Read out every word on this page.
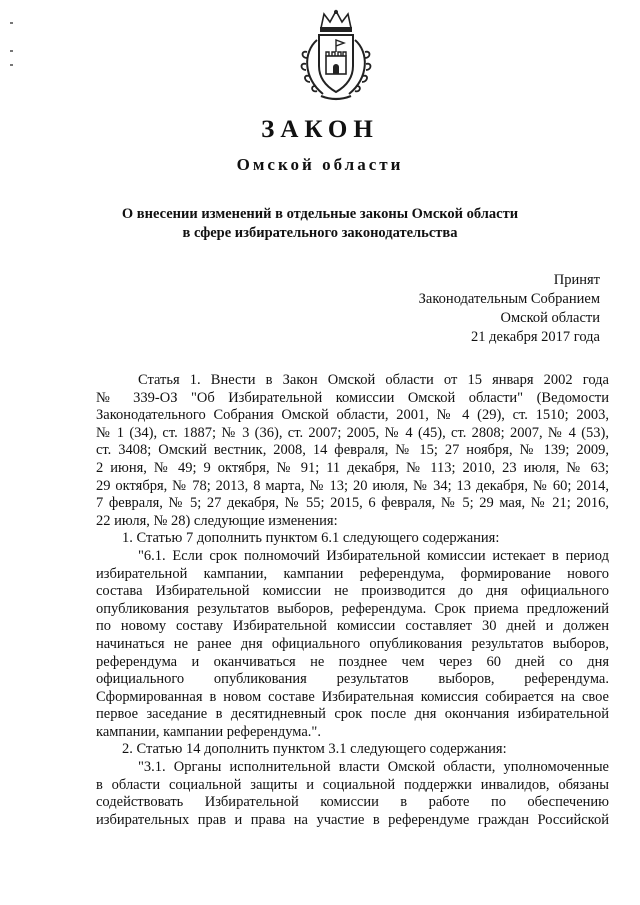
ЗАКОН
Омской области
О внесении изменений в отдельные законы Омской области
в сфере избирательного законодательства
Принят
Законодательным Собранием
Омской области
21 декабря 2017 года
Статья 1. Внести в Закон Омской области от 15 января 2002 года
№ 339-ОЗ "Об Избирательной комиссии Омской области" (Ведомости
Законодательного Собрания Омской области, 2001, № 4 (29), ст. 1510; 2003,
№ 1 (34), ст. 1887; № 3 (36), ст. 2007; 2005, № 4 (45), ст. 2808; 2007, № 4 (53),
ст. 3408; Омский вестник, 2008, 14 февраля, № 15; 27 ноября, № 139; 2009,
2 июня, № 49; 9 октября, № 91; 11 декабря, № 113; 2010, 23 июля, № 63;
29 октября, № 78; 2013, 8 марта, № 13; 20 июля, № 34; 13 декабря, № 60; 2014,
7 февраля, № 5; 27 декабря, № 55; 2015, 6 февраля, № 5; 29 мая, № 21; 2016,
22 июля, № 28) следующие изменения:
1. Статью 7 дополнить пунктом 6.1 следующего содержания:
"6.1. Если срок полномочий Избирательной комиссии истекает в период
избирательной кампании, кампании референдума, формирование нового
состава Избирательной комиссии не производится до дня официального
опубликования результатов выборов, референдума. Срок приема предложений
по новому составу Избирательной комиссии составляет 30 дней и должен
начинаться не ранее дня официального опубликования результатов выборов,
референдума и оканчиваться не позднее чем через 60 дней со дня
официального опубликования результатов выборов, референдума.
Сформированная в новом составе Избирательная комиссия собирается на свое
первое заседание в десятидневный срок после дня окончания избирательной
кампании, кампании референдума.".
2. Статью 14 дополнить пунктом 3.1 следующего содержания:
"3.1. Органы исполнительной власти Омской области, уполномоченные
в области социальной защиты и социальной поддержки инвалидов, обязаны
содействовать Избирательной комиссии в работе по обеспечению
избирательных прав и права на участие в референдуме граждан Российской
